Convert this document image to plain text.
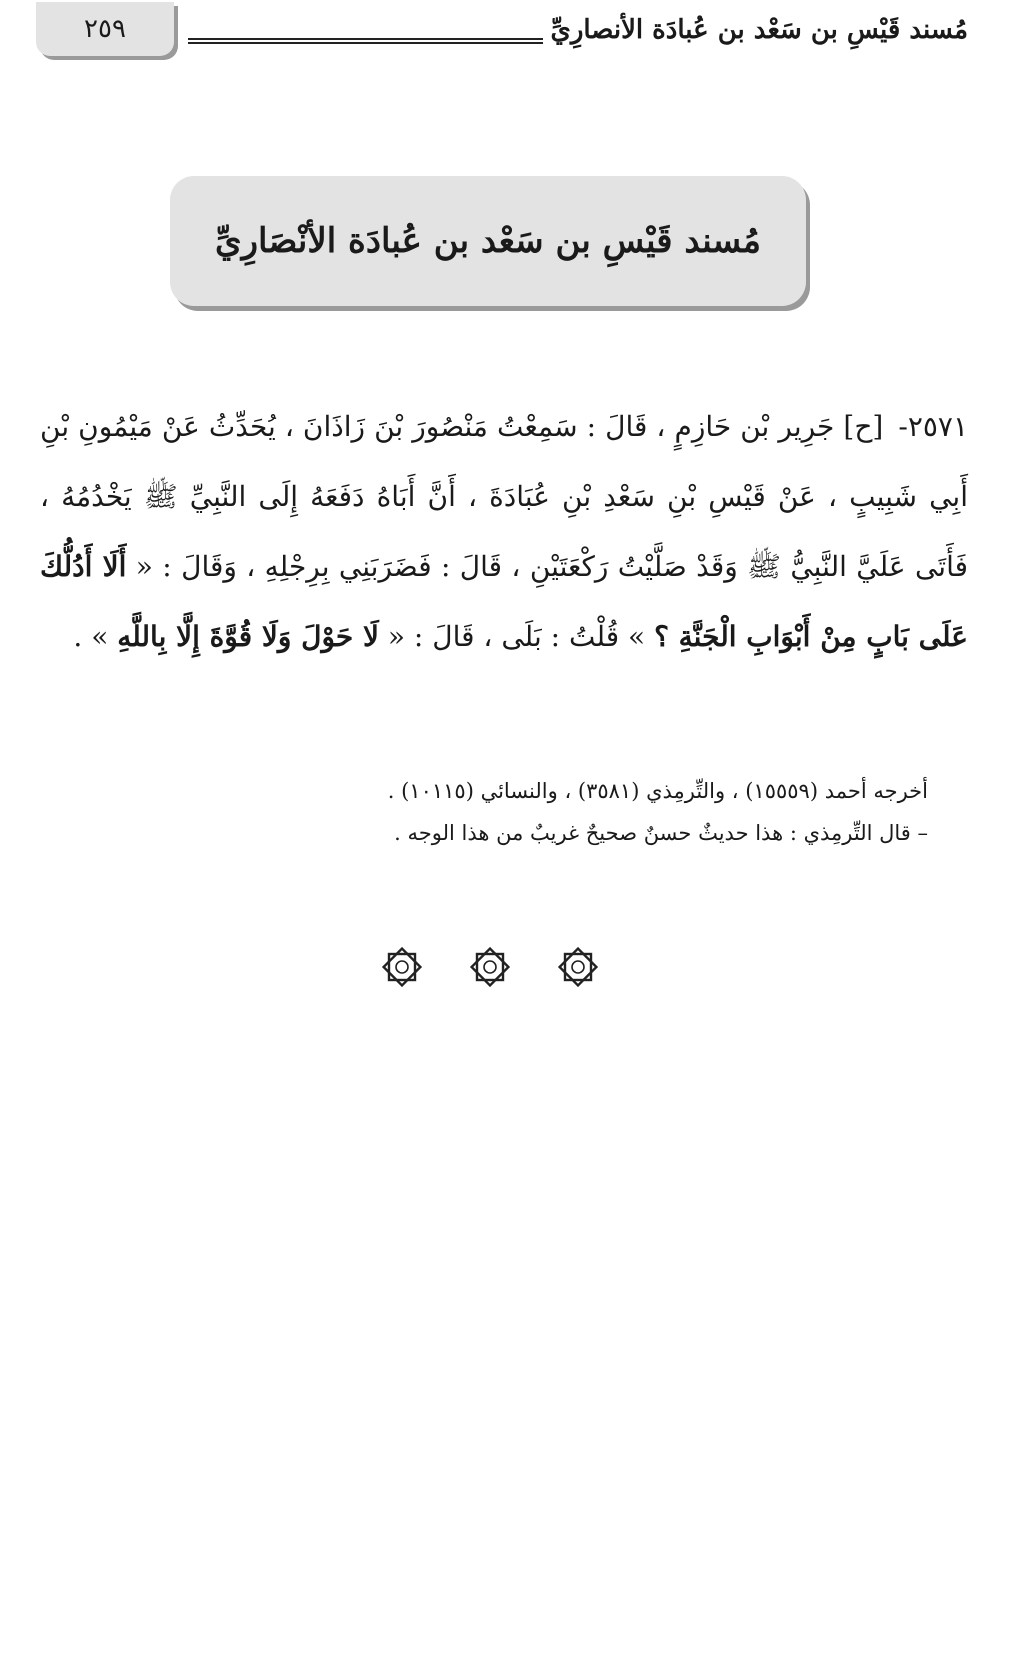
٢٥٩	مُسند قَيْسِ بن سَعْد بن عُبادَة الأنصارِيِّ
مُسند قَيْسِ بن سَعْد بن عُبادَة الأنْصَارِيِّ
٢٥٧١- [ح] جَرِير بْن حَازِمٍ ، قَالَ : سَمِعْتُ مَنْصُورَ بْنَ زَاذَانَ ، يُحَدِّثُ عَنْ مَيْمُونِ بْنِ أَبِي شَبِيبٍ ، عَنْ قَيْسِ بْنِ سَعْدِ بْنِ عُبَادَةَ ، أَنَّ أَبَاهُ دَفَعَهُ إِلَى النَّبِيِّ ﷺ يَخْدُمُهُ ، فَأَتَى عَلَيَّ النَّبِيُّ ﷺ وَقَدْ صَلَّيْتُ رَكْعَتَيْنِ ، قَالَ : فَضَرَبَنِي بِرِجْلِهِ ، وَقَالَ : « أَلَا أَدُلُّكَ عَلَى بَابٍ مِنْ أَبْوَابِ الْجَنَّةِ ؟ » قُلْتُ : بَلَى ، قَالَ : « لَا حَوْلَ وَلَا قُوَّةَ إِلَّا بِاللَّهِ » .
أخرجه أحمد (١٥٥٥٩) ، والتِّرمِذي (٣٥٨١) ، والنسائي (١٠١١٥) .
– قال التِّرمِذي : هذا حديثٌ حسنٌ صحيحٌ غريبٌ من هذا الوجه .
